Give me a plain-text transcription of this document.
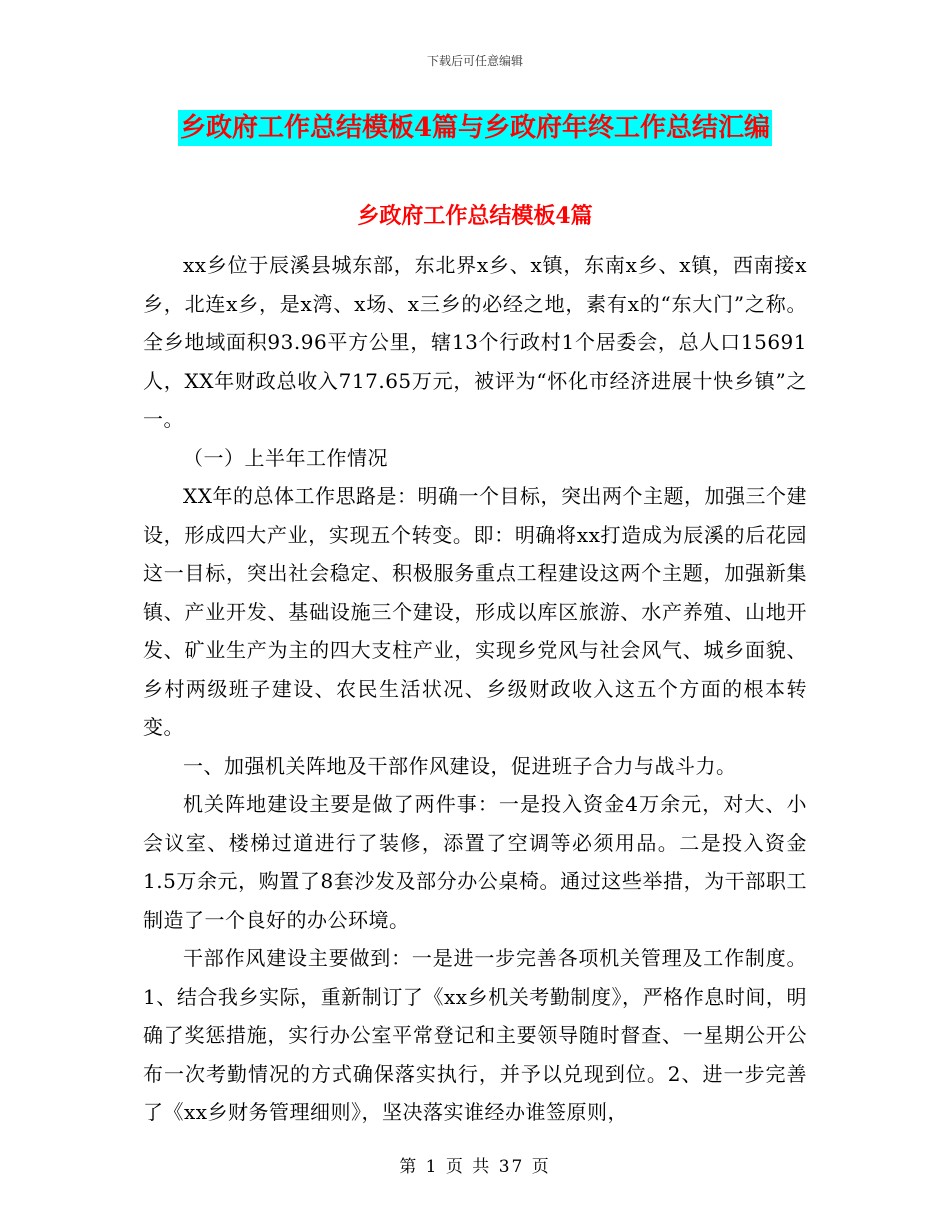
下载后可任意编辑
乡政府工作总结模板4篇与乡政府年终工作总结汇编
乡政府工作总结模板4篇

xx乡位于辰溪县城东部，东北界x乡、x镇，东南x乡、x镇，西南接x乡，北连x乡，是x湾、x场、x三乡的必经之地，素有x的“东大门”之称。全乡地域面积93.96平方公里，辖13个行政村1个居委会，总人口15691人，XX年财政总收入717.65万元，被评为“怀化市经济进展十快乡镇”之一。

（一）上半年工作情况

XX年的总体工作思路是：明确一个目标，突出两个主题，加强三个建设，形成四大产业，实现五个转变。即：明确将xx打造成为辰溪的后花园这一目标，突出社会稳定、积极服务重点工程建设这两个主题，加强新集镇、产业开发、基础设施三个建设，形成以库区旅游、水产养殖、山地开发、矿业生产为主的四大支柱产业，实现乡党风与社会风气、城乡面貌、乡村两级班子建设、农民生活状况、乡级财政收入这五个方面的根本转变。

一、加强机关阵地及干部作风建设，促进班子合力与战斗力。

机关阵地建设主要是做了两件事：一是投入资金4万余元，对大、小会议室、楼梯过道进行了装修，添置了空调等必须用品。二是投入资金1.5万余元，购置了8套沙发及部分办公桌椅。通过这些举措，为干部职工制造了一个良好的办公环境。

干部作风建设主要做到：一是进一步完善各项机关管理及工作制度。1、结合我乡实际，重新制订了《xx乡机关考勤制度》，严格作息时间，明确了奖惩措施，实行办公室平常登记和主要领导随时督查、一星期公开公布一次考勤情况的方式确保落实执行，并予以兑现到位。2、进一步完善了《xx乡财务管理细则》，坚决落实谁经办谁签原则，

第 1 页 共 37 页
